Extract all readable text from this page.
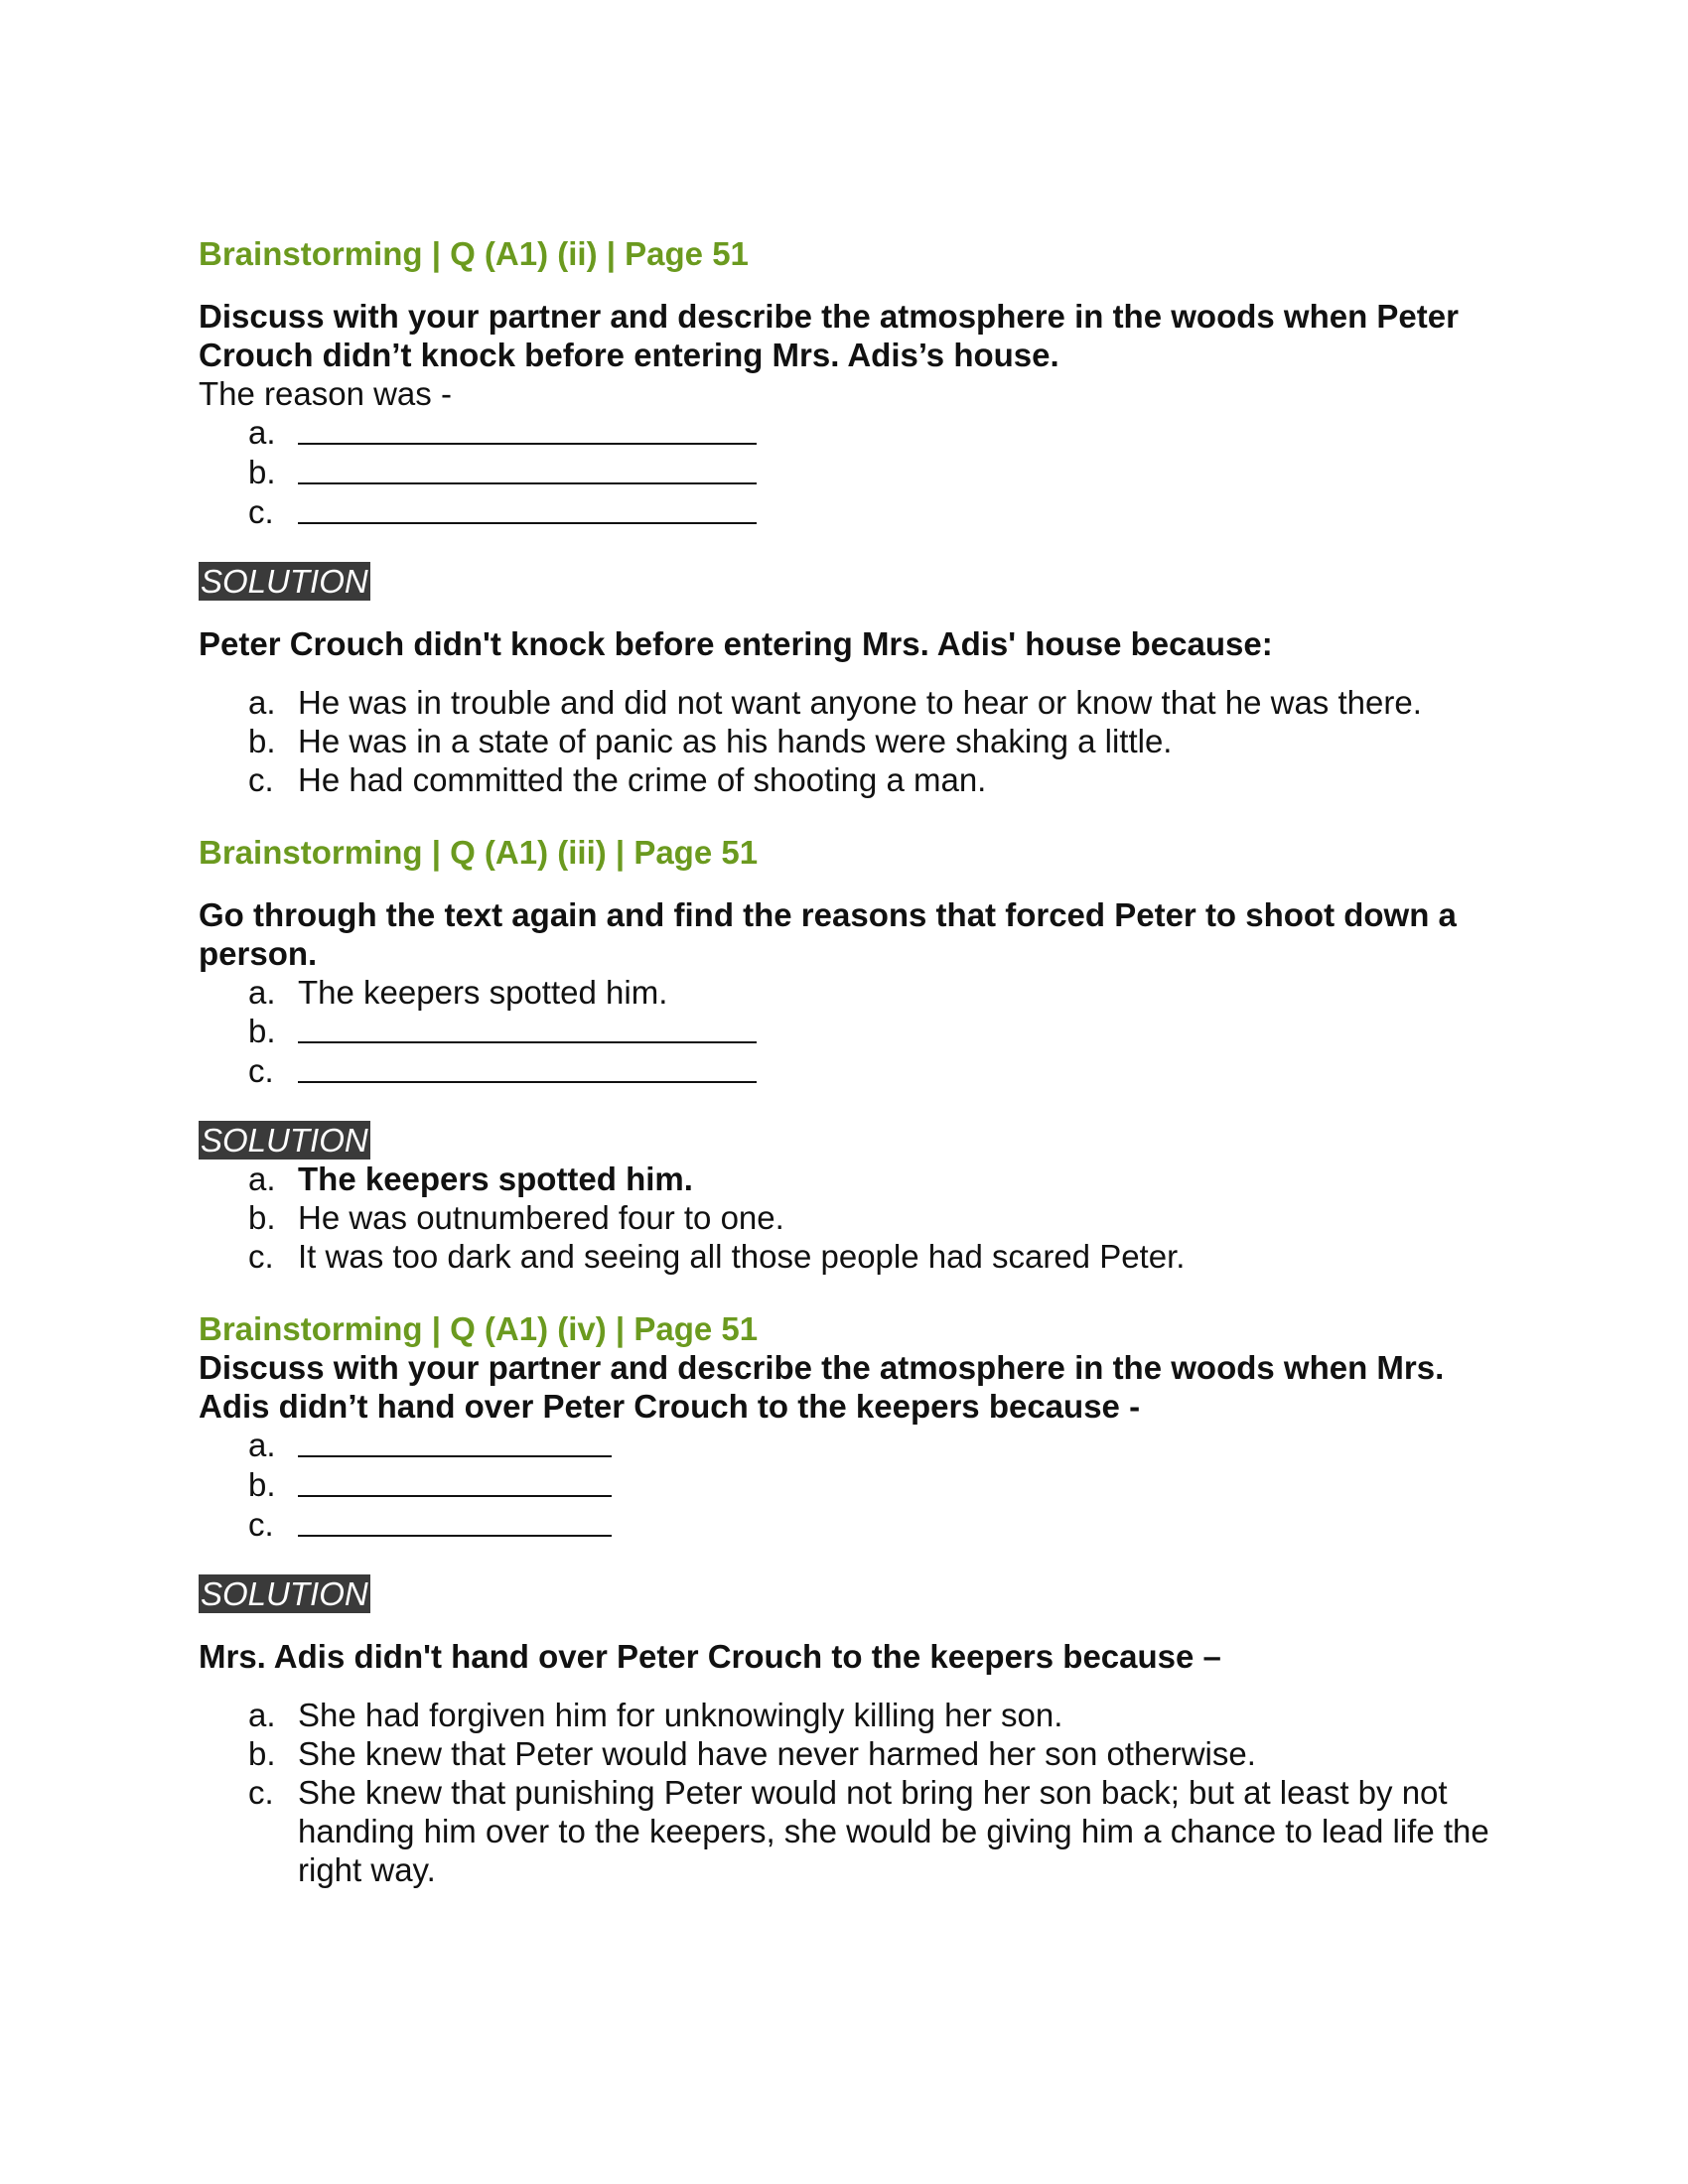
Brainstorming | Q (A1) (ii) | Page 51

Discuss with your partner and describe the atmosphere in the woods when Peter Crouch didn’t knock before entering Mrs. Adis’s house.

The reason was -

a.
b.
c.

SOLUTION

Peter Crouch didn't knock before entering Mrs. Adis' house because:

a. He was in trouble and did not want anyone to hear or know that he was there.
b. He was in a state of panic as his hands were shaking a little.
c. He had committed the crime of shooting a man.

Brainstorming | Q (A1) (iii) | Page 51

Go through the text again and find the reasons that forced Peter to shoot down a person.

a. The keepers spotted him.
b.
c.

SOLUTION

a. The keepers spotted him.
b. He was outnumbered four to one.
c. It was too dark and seeing all those people had scared Peter.

Brainstorming | Q (A1) (iv) | Page 51

Discuss with your partner and describe the atmosphere in the woods when Mrs. Adis didn’t hand over Peter Crouch to the keepers because -

a.
b.
c.

SOLUTION

Mrs. Adis didn't hand over Peter Crouch to the keepers because –

a. She had forgiven him for unknowingly killing her son.
b. She knew that Peter would have never harmed her son otherwise.
c. She knew that punishing Peter would not bring her son back; but at least by not handing him over to the keepers, she would be giving him a chance to lead life the right way.
